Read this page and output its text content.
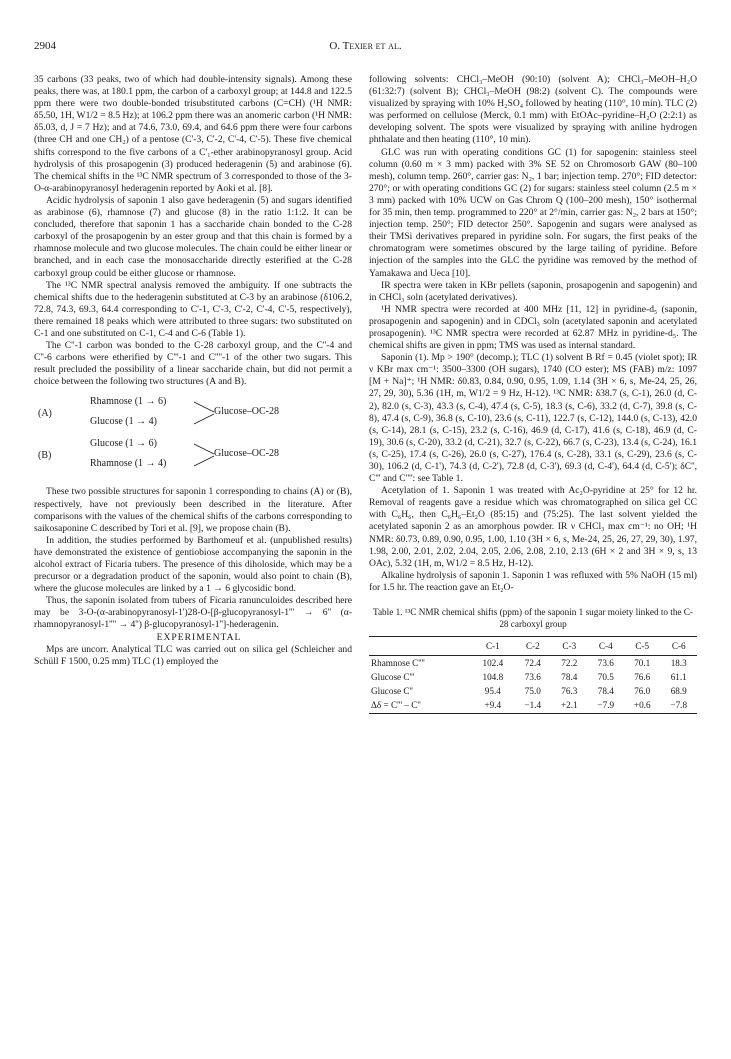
2904	O. Texier et al.

35 carbons (33 peaks, two of which had double-intensity signals). Among these peaks, there was, at 180.1 ppm, the carbon of a carboxyl group; at 144.8 and 122.5 ppm there were two double-bonded trisubstituted carbons (C=CH) (¹H NMR: δ5.50, 1H, W1/2 = 8.5 Hz); at 106.2 ppm there was an anomeric carbon (¹H NMR: δ5.03, d, J = 7 Hz); and at 74.6, 73.0, 69.4, and 64.6 ppm there were four carbons (three CH and one CH₂) of a pentose (C'-3, C'-2, C'-4, C'-5). These five chemical shifts correspond to the five carbons of a C'₁-ether arabinopyranosyl group. Acid hydrolysis of this prosapogenin (3) produced hederagenin (5) and arabinose (6). The chemical shifts in the ¹³C NMR spectrum of 3 corresponded to those of the 3-O-α-arabinopyranosyl hederagenin reported by Aoki et al. [8].

Acidic hydrolysis of saponin 1 also gave hederagenin (5) and sugars identified as arabinose (6), rhamnose (7) and glucose (8) in the ratio 1:1:2. It can be concluded, therefore that saponin 1 has a saccharide chain bonded to the C-28 carboxyl of the prosapogenin by an ester group and that this chain is formed by a rhamnose molecule and two glucose molecules. The chain could be either linear or branched, and in each case the monosaccharide directly esterified at the C-28 carboxyl group could be either glucose or rhamnose.

The ¹³C NMR spectral analysis removed the ambiguity. If one subtracts the chemical shifts due to the hederagenin substituted at C-3 by an arabinose (δ106.2, 72.8, 74.3, 69.3, 64.4 corresponding to C'-1, C'-3, C'-2, C'-4, C'-5, respectively), there remained 18 peaks which were attributed to three sugars: two substituted on C-1 and one substituted on C-1, C-4 and C-6 (Table 1).

The C''-1 carbon was bonded to the C-28 carboxyl group, and the C''-4 and C''-6 carbons were etherified by C'''-1 and C''''-1 of the other two sugars. This result precluded the possibility of a linear saccharide chain, but did not permit a choice between the following two structures (A and B).

(A)
Rhamnose (1 → 6)
Glucose (1 → 4)
Glucose–OC-28
(B)
Glucose (1 → 6)
Rhamnose (1 → 4)
Glucose–OC-28

These two possible structures for saponin 1 corresponding to chains (A) or (B), respectively, have not previously been described in the literature. After comparisons with the values of the chemical shifts of the carbons corresponding to saikosaponine C described by Tori et al. [9], we propose chain (B).

In addition, the studies performed by Barthomeuf et al. (unpublished results) have demonstrated the existence of gentiobiose accompanying the saponin in the alcohol extract of Ficaria tubers. The presence of this diholoside, which may be a precursor or a degradation product of the saponin, would also point to chain (B), where the glucose molecules are linked by a 1 → 6 glycosidic bond.

Thus, the saponin isolated from tubers of Ficaria ranunculoides described here may be 3-O-(α-arabinopyranosyl-1')28-O-[β-glucopyranosyl-1''' → 6'' (α-rhamnopyranosyl-1'''' → 4'') β-glucopyranosyl-1'']-hederagenin.

EXPERIMENTAL

Mps are uncorr. Analytical TLC was carried out on silica gel (Schleicher and Schüll F 1500, 0.25 mm) TLC (1) employed the

following solvents: CHCl₃–MeOH (90:10) (solvent A); CHCl₃–MeOH–H₂O (61:32:7) (solvent B); CHCl₃–MeOH (98:2) (solvent C). The compounds were visualized by spraying with 10% H₂SO₄ followed by heating (110°, 10 min). TLC (2) was performed on cellulose (Merck, 0.1 mm) with EtOAc–pyridine–H₂O (2:2:1) as developing solvent. The spots were visualized by spraying with aniline hydrogen phthalate and then heating (110°, 10 min).

GLC was run with operating conditions GC (1) for sapogenin: stainless steel column (0.60 m × 3 mm) packed with 3% SE 52 on Chromosorb GAW (80–100 mesh), column temp. 260°, carrier gas: N₂, 1 bar; injection temp. 270°; FID detector: 270°; or with operating conditions GC (2) for sugars: stainless steel column (2.5 m × 3 mm) packed with 10% UCW on Gas Chrom Q (100–200 mesh), 150° isothermal for 35 min, then temp. programmed to 220° at 2°/min, carrier gas: N₂, 2 bars at 150°; injection temp. 250°; FID detector 250°. Sapogenin and sugars were analysed as their TMSi derivatives prepared in pyridine soln. For sugars, the first peaks of the chromatogram were sometimes obscured by the large tailing of pyridine. Before injection of the samples into the GLC the pyridine was removed by the method of Yamakawa and Ueca [10].

IR spectra were taken in KBr pellets (saponin, prosapogenin and sapogenin) and in CHCl₃ soln (acetylated derivatives).

¹H NMR spectra were recorded at 400 MHz [11, 12] in pyridine-d₅ (saponin, prosapogenin and sapogenin) and in CDCl₃ soln (acetylated saponin and acetylated prosapogenin). ¹³C NMR spectra were recorded at 62.87 MHz in pyridine-d₅. The chemical shifts are given in ppm; TMS was used as internal standard.

Saponin (1). Mp > 190° (decomp.); TLC (1) solvent B Rf = 0.45 (violet spot); IR ν KBr max cm⁻¹: 3500–3300 (OH sugars), 1740 (CO ester); MS (FAB) m/z: 1097 [M + Na]⁺; ¹H NMR: δ0.83, 0.84, 0.90, 0.95, 1.09, 1.14 (3H × 6, s, Me-24, 25, 26, 27, 29, 30), 5.36 (1H, m, W1/2 = 9 Hz, H-12). ¹³C NMR: δ38.7 (s, C-1), 26.0 (d, C-2), 82.0 (s, C-3), 43.3 (s, C-4), 47.4 (s, C-5), 18.3 (s, C-6), 33.2 (d, C-7), 39.8 (s, C-8), 47.4 (s, C-9), 36.8 (s, C-10), 23.6 (s, C-11), 122.7 (s, C-12), 144.0 (s, C-13), 42.0 (s, C-14), 28.1 (s, C-15), 23.2 (s, C-16), 46.9 (d, C-17), 41.6 (s, C-18), 46.9 (d, C-19), 30.6 (s, C-20), 33.2 (d, C-21), 32.7 (s, C-22), 66.7 (s, C-23), 13.4 (s, C-24), 16.1 (s, C-25), 17.4 (s, C-26), 26.0 (s, C-27), 176.4 (s, C-28), 33.1 (s, C-29), 23.6 (s, C-30), 106.2 (d, C-1'), 74.3 (d, C-2'), 72.8 (d, C-3'), 69.3 (d, C-4'), 64.4 (d, C-5'); δC'', C''' and C'''': see Table 1.

Acetylation of 1. Saponin 1 was treated with Ac₂O-pyridine at 25° for 12 hr. Removal of reagents gave a residue which was chromatographed on silica gel CC with C₆H₆, then C₆H₆–Et₂O (85:15) and (75:25). The last solvent yielded the acetylated saponin 2 as an amorphous powder. IR ν CHCl₃ max cm⁻¹: no OH; ¹H NMR: δ0.73, 0.89, 0.90, 0.95, 1.00, 1.10 (3H × 6, s, Me-24, 25, 26, 27, 29, 30), 1.97, 1.98, 2.00, 2.01, 2.02, 2.04, 2.05, 2.06, 2.08, 2.10, 2.13 (6H × 2 and 3H × 9, s, 13 OAc), 5.32 (1H, m, W1/2 = 8.5 Hz, H-12).

Alkaline hydrolysis of saponin 1. Saponin 1 was refluxed with 5% NaOH (15 ml) for 1.5 hr. The reaction gave an Et₂O-

Table 1. ¹³C NMR chemical shifts (ppm) of the saponin 1 sugar moiety linked to the C-28 carboxyl group
	C-1	C-2	C-3	C-4	C-5	C-6
Rhamnose C''''	102.4	72.4	72.2	73.6	70.1	18.3
Glucose C'''	104.8	73.6	78.4	70.5	76.6	61.1
Glucose C''	95.4	75.0	76.3	78.4	76.0	68.9
Δδ = C''' – C''	+9.4	−1.4	+2.1	−7.9	+0.6	−7.8
